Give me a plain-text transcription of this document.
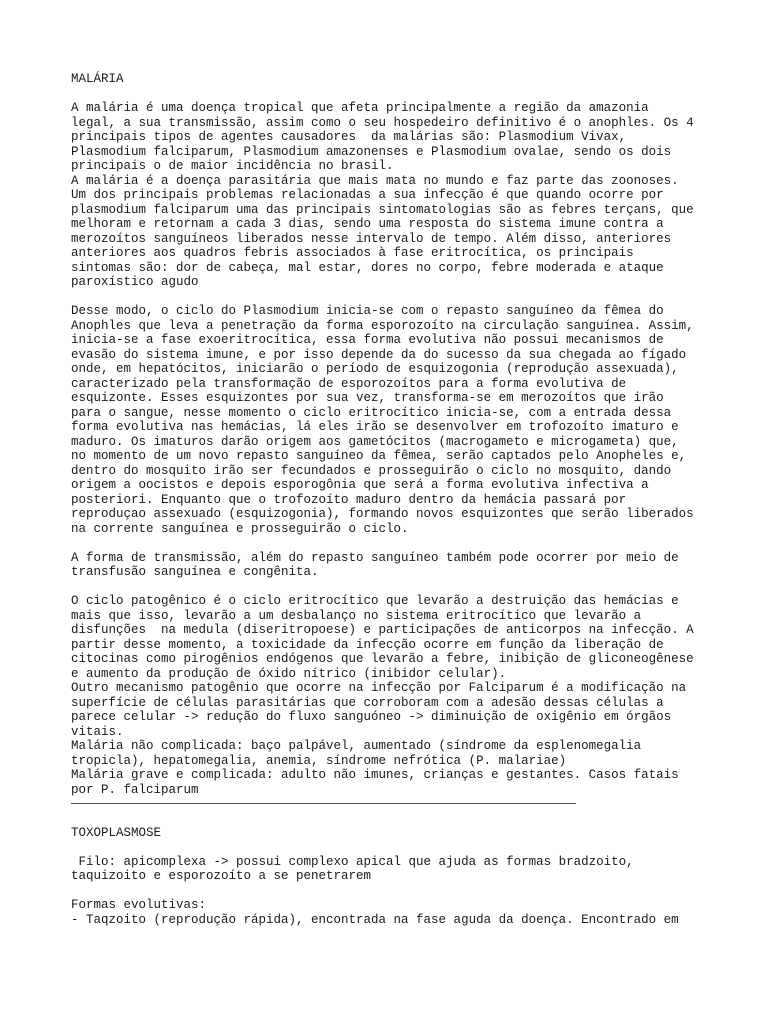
MALÁRIA
A malária é uma doença tropical que afeta principalmente a região da amazonia
legal, a sua transmissão, assim como o seu hospedeiro definitivo é o anophles. Os 4
principais tipos de agentes causadores  da malárias são: Plasmodium Vivax,
Plasmodium falciparum, Plasmodium amazonenses e Plasmodium ovalae, sendo os dois
principais o de maior incidência no brasil.
A malária é a doença parasitária que mais mata no mundo e faz parte das zoonoses.
Um dos principais problemas relacionadas a sua infecção é que quando ocorre por
plasmodium falciparum uma das principais sintomatologias são as febres terçans, que
melhoram e retornam a cada 3 dias, sendo uma resposta do sistema imune contra a
merozoítos sanguíneos liberados nesse intervalo de tempo. Além disso, anteriores
anteriores aos quadros febris associados à fase eritrocítica, os principais
sintomas são: dor de cabeça, mal estar, dores no corpo, febre moderada e ataque
paroxístico agudo
Desse modo, o ciclo do Plasmodium inicia-se com o repasto sanguíneo da fêmea do
Anophles que leva a penetração da forma esporozoíto na circulação sanguínea. Assim,
inicia-se a fase exoeritrocítica, essa forma evolutiva não possui mecanismos de
evasão do sistema imune, e por isso depende da do sucesso da sua chegada ao fígado
onde, em hepatócitos, iniciarão o período de esquizogonia (reprodução assexuada),
caracterizado pela transformação de esporozoítos para a forma evolutiva de
esquizonte. Esses esquizontes por sua vez, transforma-se em merozoítos que irão
para o sangue, nesse momento o ciclo eritrocítico inicia-se, com a entrada dessa
forma evolutiva nas hemácias, lá eles irão se desenvolver em trofozoíto imaturo e
maduro. Os imaturos darão origem aos gametócitos (macrogameto e microgameta) que,
no momento de um novo repasto sanguíneo da fêmea, serão captados pelo Anopheles e,
dentro do mosquito irão ser fecundados e prosseguirão o ciclo no mosquito, dando
origem a oocistos e depois esporogônia que será a forma evolutiva infectiva a
posteriori. Enquanto que o trofozoíto maduro dentro da hemácia passará por
reproduçao assexuado (esquizogonia), formando novos esquizontes que serão liberados
na corrente sanguínea e prosseguirão o ciclo.
A forma de transmissão, além do repasto sanguíneo também pode ocorrer por meio de
transfusão sanguínea e congênita.
O ciclo patogênico é o ciclo eritrocítico que levarão a destruição das hemácias e
mais que isso, levarão a um desbalanço no sistema eritrocítico que levarão a
disfunções  na medula (diseritropoese) e participações de anticorpos na infecção. A
partir desse momento, a toxicidade da infecção ocorre em função da liberação de
citocinas como pirogênios endógenos que levarão a febre, inibição de gliconeogênese
e aumento da produção de óxido nítrico (inibidor celular).
Outro mecanismo patogênio que ocorre na infecção por Falciparum é a modificação na
superfície de células parasitárias que corroboram com a adesão dessas células a
parece celular -> redução do fluxo sanguóneo -> diminuição de oxigênio em órgãos
vitais.
Malária não complicada: baço palpável, aumentado (síndrome da esplenomegalia
tropicla), hepatomegalia, anemia, síndrome nefrótica (P. malariae)
Malária grave e complicada: adulto não imunes, crianças e gestantes. Casos fatais
por P. falciparum
TOXOPLASMOSE
Filo: apicomplexa -> possui complexo apical que ajuda as formas bradzoito,
taquizoito e esporozoíto a se penetrarem
Formas evolutivas:
- Taqzoito (reprodução rápida), encontrada na fase aguda da doença. Encontrado em
